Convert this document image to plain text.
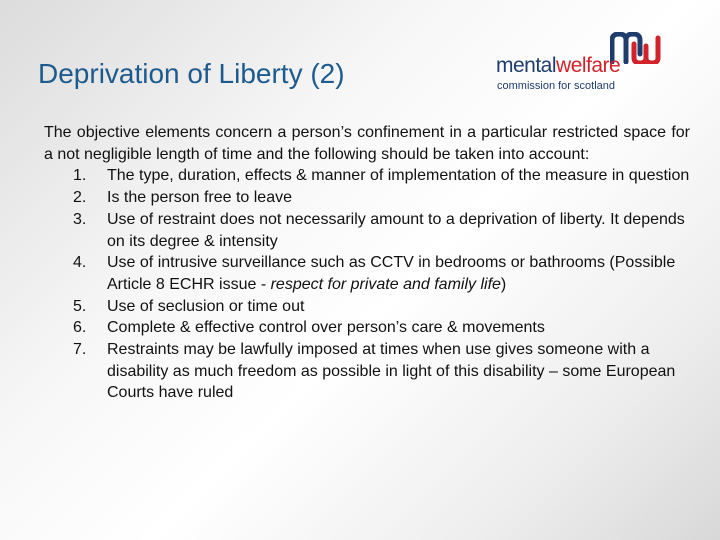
Deprivation of Liberty (2)	mentalwelfare
commission for scotland

The objective elements concern a person’s confinement in a particular restricted space for a not negligible length of time and the following should be taken into account:

1. The type, duration, effects & manner of implementation of the measure in question
2. Is the person free to leave
3. Use of restraint does not necessarily amount to a deprivation of liberty. It depends on its degree & intensity
4. Use of intrusive surveillance such as CCTV in bedrooms or bathrooms (Possible Article 8 ECHR issue - respect for private and family life)
5. Use of seclusion or time out
6. Complete & effective control over person’s care & movements
7. Restraints may be lawfully imposed at times when use gives someone with a disability as much freedom as possible in light of this disability – some European Courts have ruled
